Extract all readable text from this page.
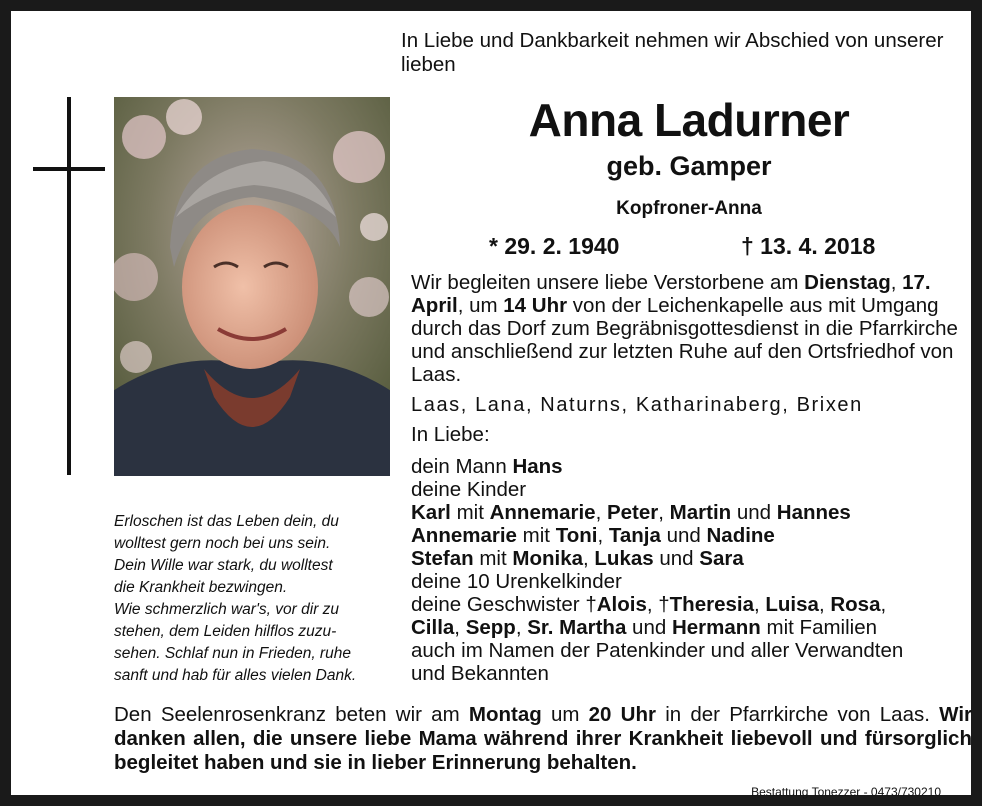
In Liebe und Dankbarkeit nehmen wir Abschied von unserer lieben

Anna Ladurner

geb. Gamper

Kopfroner-Anna

* 29. 2. 1940	† 13. 4. 2018

Wir begleiten unsere liebe Verstorbene am Dienstag, 17. April, um 14 Uhr von der Leichenkapelle aus mit Umgang durch das Dorf zum Begräbnisgottesdienst in die Pfarrkirche und anschließend zur letzten Ruhe auf den Ortsfriedhof von Laas.

Laas, Lana, Naturns, Katharinaberg, Brixen

In Liebe:

dein Mann Hans
deine Kinder
Karl mit Annemarie, Peter, Martin und Hannes
Annemarie mit Toni, Tanja und Nadine
Stefan mit Monika, Lukas und Sara
deine 10 Urenkelkinder
deine Geschwister †Alois, †Theresia, Luisa, Rosa,
Cilla, Sepp, Sr. Martha und Hermann mit Familien
auch im Namen der Patenkinder und aller Verwandten
und Bekannten
Erloschen ist das Leben dein, du
wolltest gern noch bei uns sein.
Dein Wille war stark, du wolltest
die Krankheit bezwingen.
Wie schmerzlich war's, vor dir zu
stehen, dem Leiden hilflos zuzu-
sehen. Schlaf nun in Frieden, ruhe
sanft und hab für alles vielen Dank.

Den Seelenrosenkranz beten wir am Montag um 20 Uhr in der Pfarrkirche von Laas. Wir danken allen, die unsere liebe Mama während ihrer Krankheit liebevoll und fürsorglich begleitet haben und sie in lieber Erinnerung behalten.

Bestattung Tonezzer - 0473/730210
